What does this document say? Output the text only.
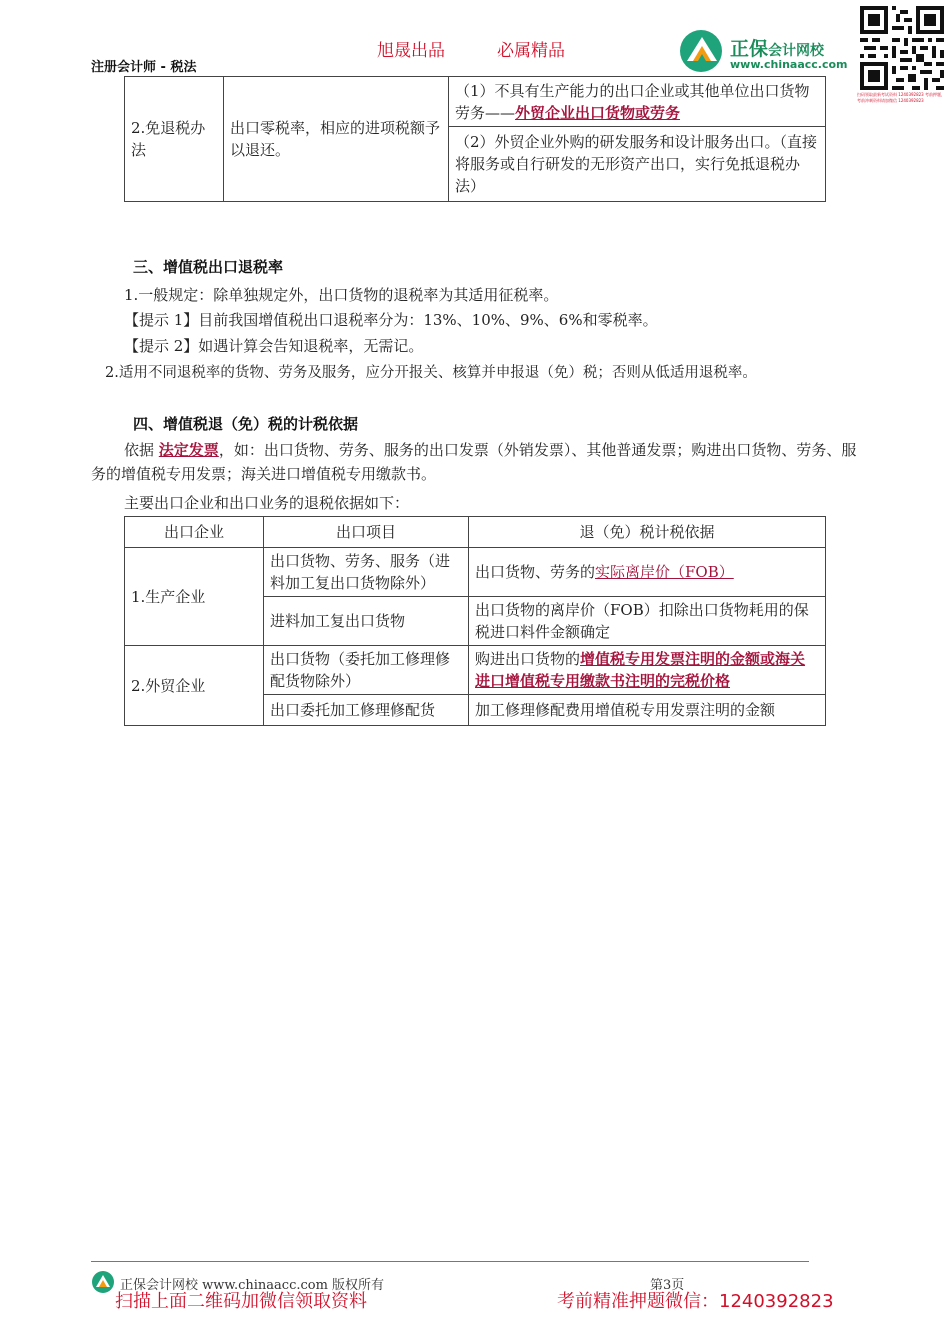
旭晟出品	必属精品
注册会计师 - 税法
正保会计网校
www.chinaacc.com
扫码领取最新考试资料 1240392823 考前押题，考前冲刺资料请加微信 1240392823
2.免退税办法	出口零税率，相应的进项税额予以退还。	（1）不具有生产能力的出口企业或其他单位出口货物劳务——外贸企业出口货物或劳务
（2）外贸企业外购的研发服务和设计服务出口。（直接将服务或自行研发的无形资产出口，实行免抵退税办法）
三、增值税出口退税率
1.一般规定：除单独规定外，出口货物的退税率为其适用征税率。
【提示 1】目前我国增值税出口退税率分为：13%、10%、9%、6%和零税率。
【提示 2】如遇计算会告知退税率，无需记。
2.适用不同退税率的货物、劳务及服务，应分开报关、核算并申报退（免）税；否则从低适用退税率。
四、增值税退（免）税的计税依据
依据 法定发票，如：出口货物、劳务、服务的出口发票（外销发票）、其他普通发票；购进出口货物、劳务、服务的增值税专用发票；海关进口增值税专用缴款书。
主要出口企业和出口业务的退税依据如下：
出口企业	出口项目	退（免）税计税依据
1.生产企业	出口货物、劳务、服务（进料加工复出口货物除外）	出口货物、劳务的实际离岸价（FOB）
	进料加工复出口货物	出口货物的离岸价（FOB）扣除出口货物耗用的保税进口料件金额确定
2.外贸企业	出口货物（委托加工修理修配货物除外）	购进出口货物的增值税专用发票注明的金额或海关进口增值税专用缴款书注明的完税价格
	出口委托加工修理修配货	加工修理修配费用增值税专用发票注明的金额
正保会计网校 www.chinaacc.com 版权所有	第3页
扫描上面二维码加微信领取资料	考前精准押题微信：1240392823
